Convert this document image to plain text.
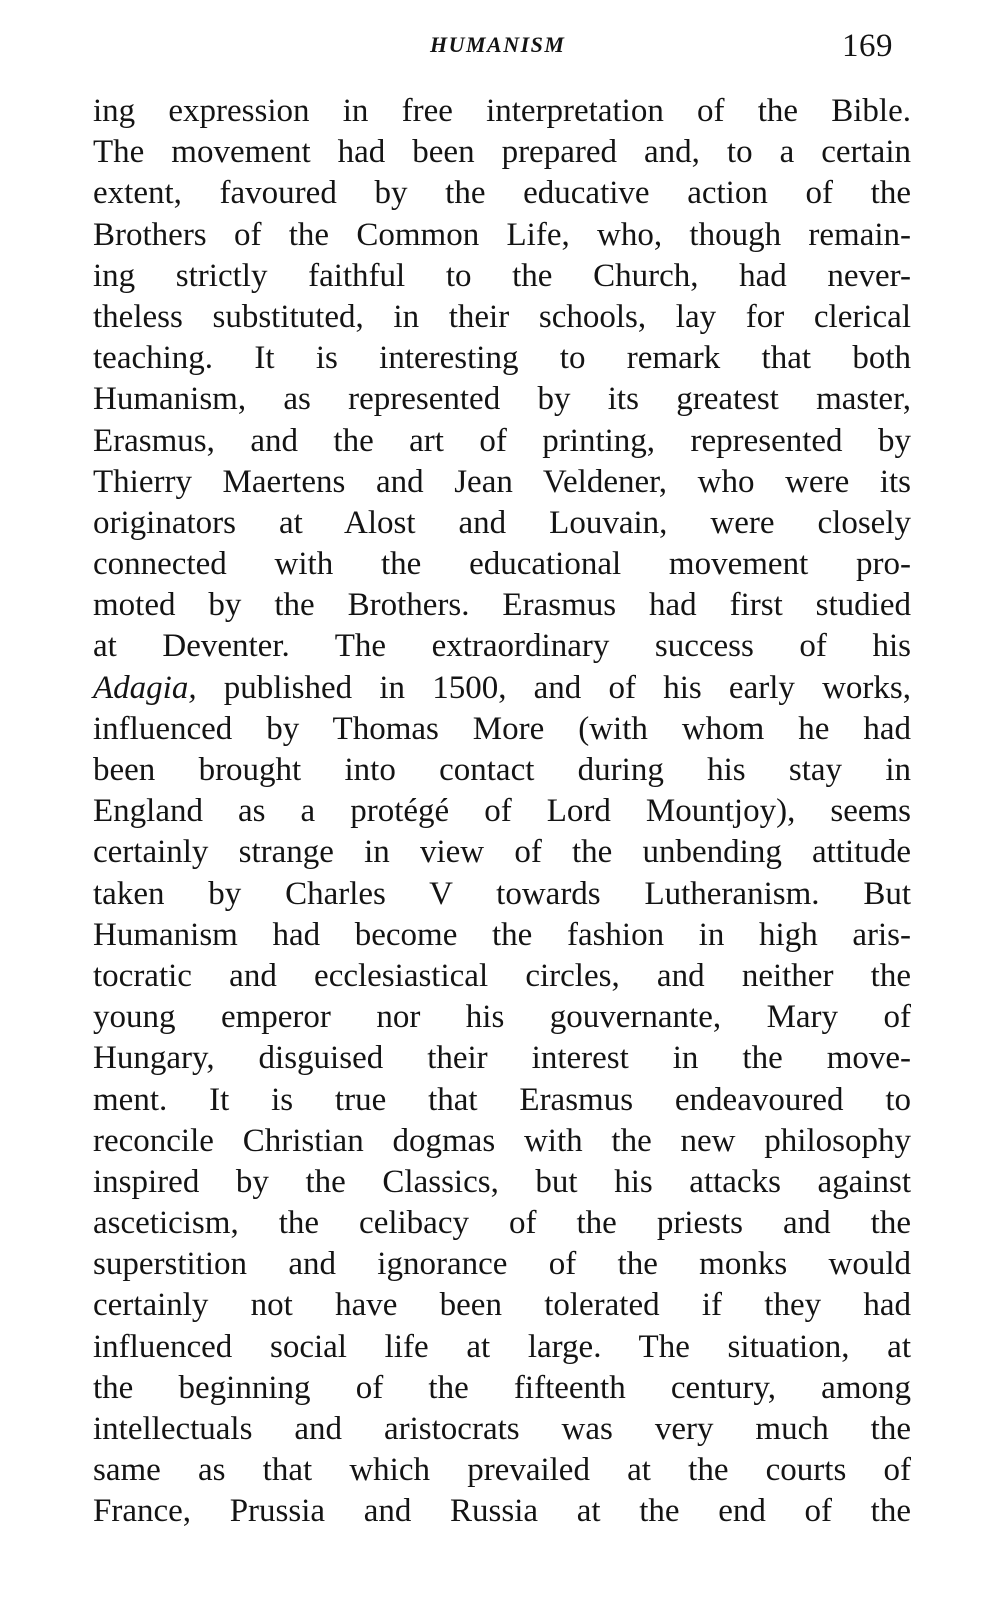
HUMANISM	169
ing expression in free interpretation of the Bible.
The movement had been prepared and, to a certain
extent, favoured by the educative action of the
Brothers of the Common Life, who, though remain-
ing strictly faithful to the Church, had never-
theless substituted, in their schools, lay for clerical
teaching. It is interesting to remark that both
Humanism, as represented by its greatest master,
Erasmus, and the art of printing, represented by
Thierry Maertens and Jean Veldener, who were its
originators at Alost and Louvain, were closely
connected with the educational movement pro-
moted by the Brothers. Erasmus had first studied
at Deventer. The extraordinary success of his
Adagia, published in 1500, and of his early works,
influenced by Thomas More (with whom he had
been brought into contact during his stay in
England as a protégé of Lord Mountjoy), seems
certainly strange in view of the unbending attitude
taken by Charles V towards Lutheranism. But
Humanism had become the fashion in high aris-
tocratic and ecclesiastical circles, and neither the
young emperor nor his gouvernante, Mary of
Hungary, disguised their interest in the move-
ment. It is true that Erasmus endeavoured to
reconcile Christian dogmas with the new philosophy
inspired by the Classics, but his attacks against
asceticism, the celibacy of the priests and the
superstition and ignorance of the monks would
certainly not have been tolerated if they had
influenced social life at large. The situation, at
the beginning of the fifteenth century, among
intellectuals and aristocrats was very much the
same as that which prevailed at the courts of
France, Prussia and Russia at the end of the
